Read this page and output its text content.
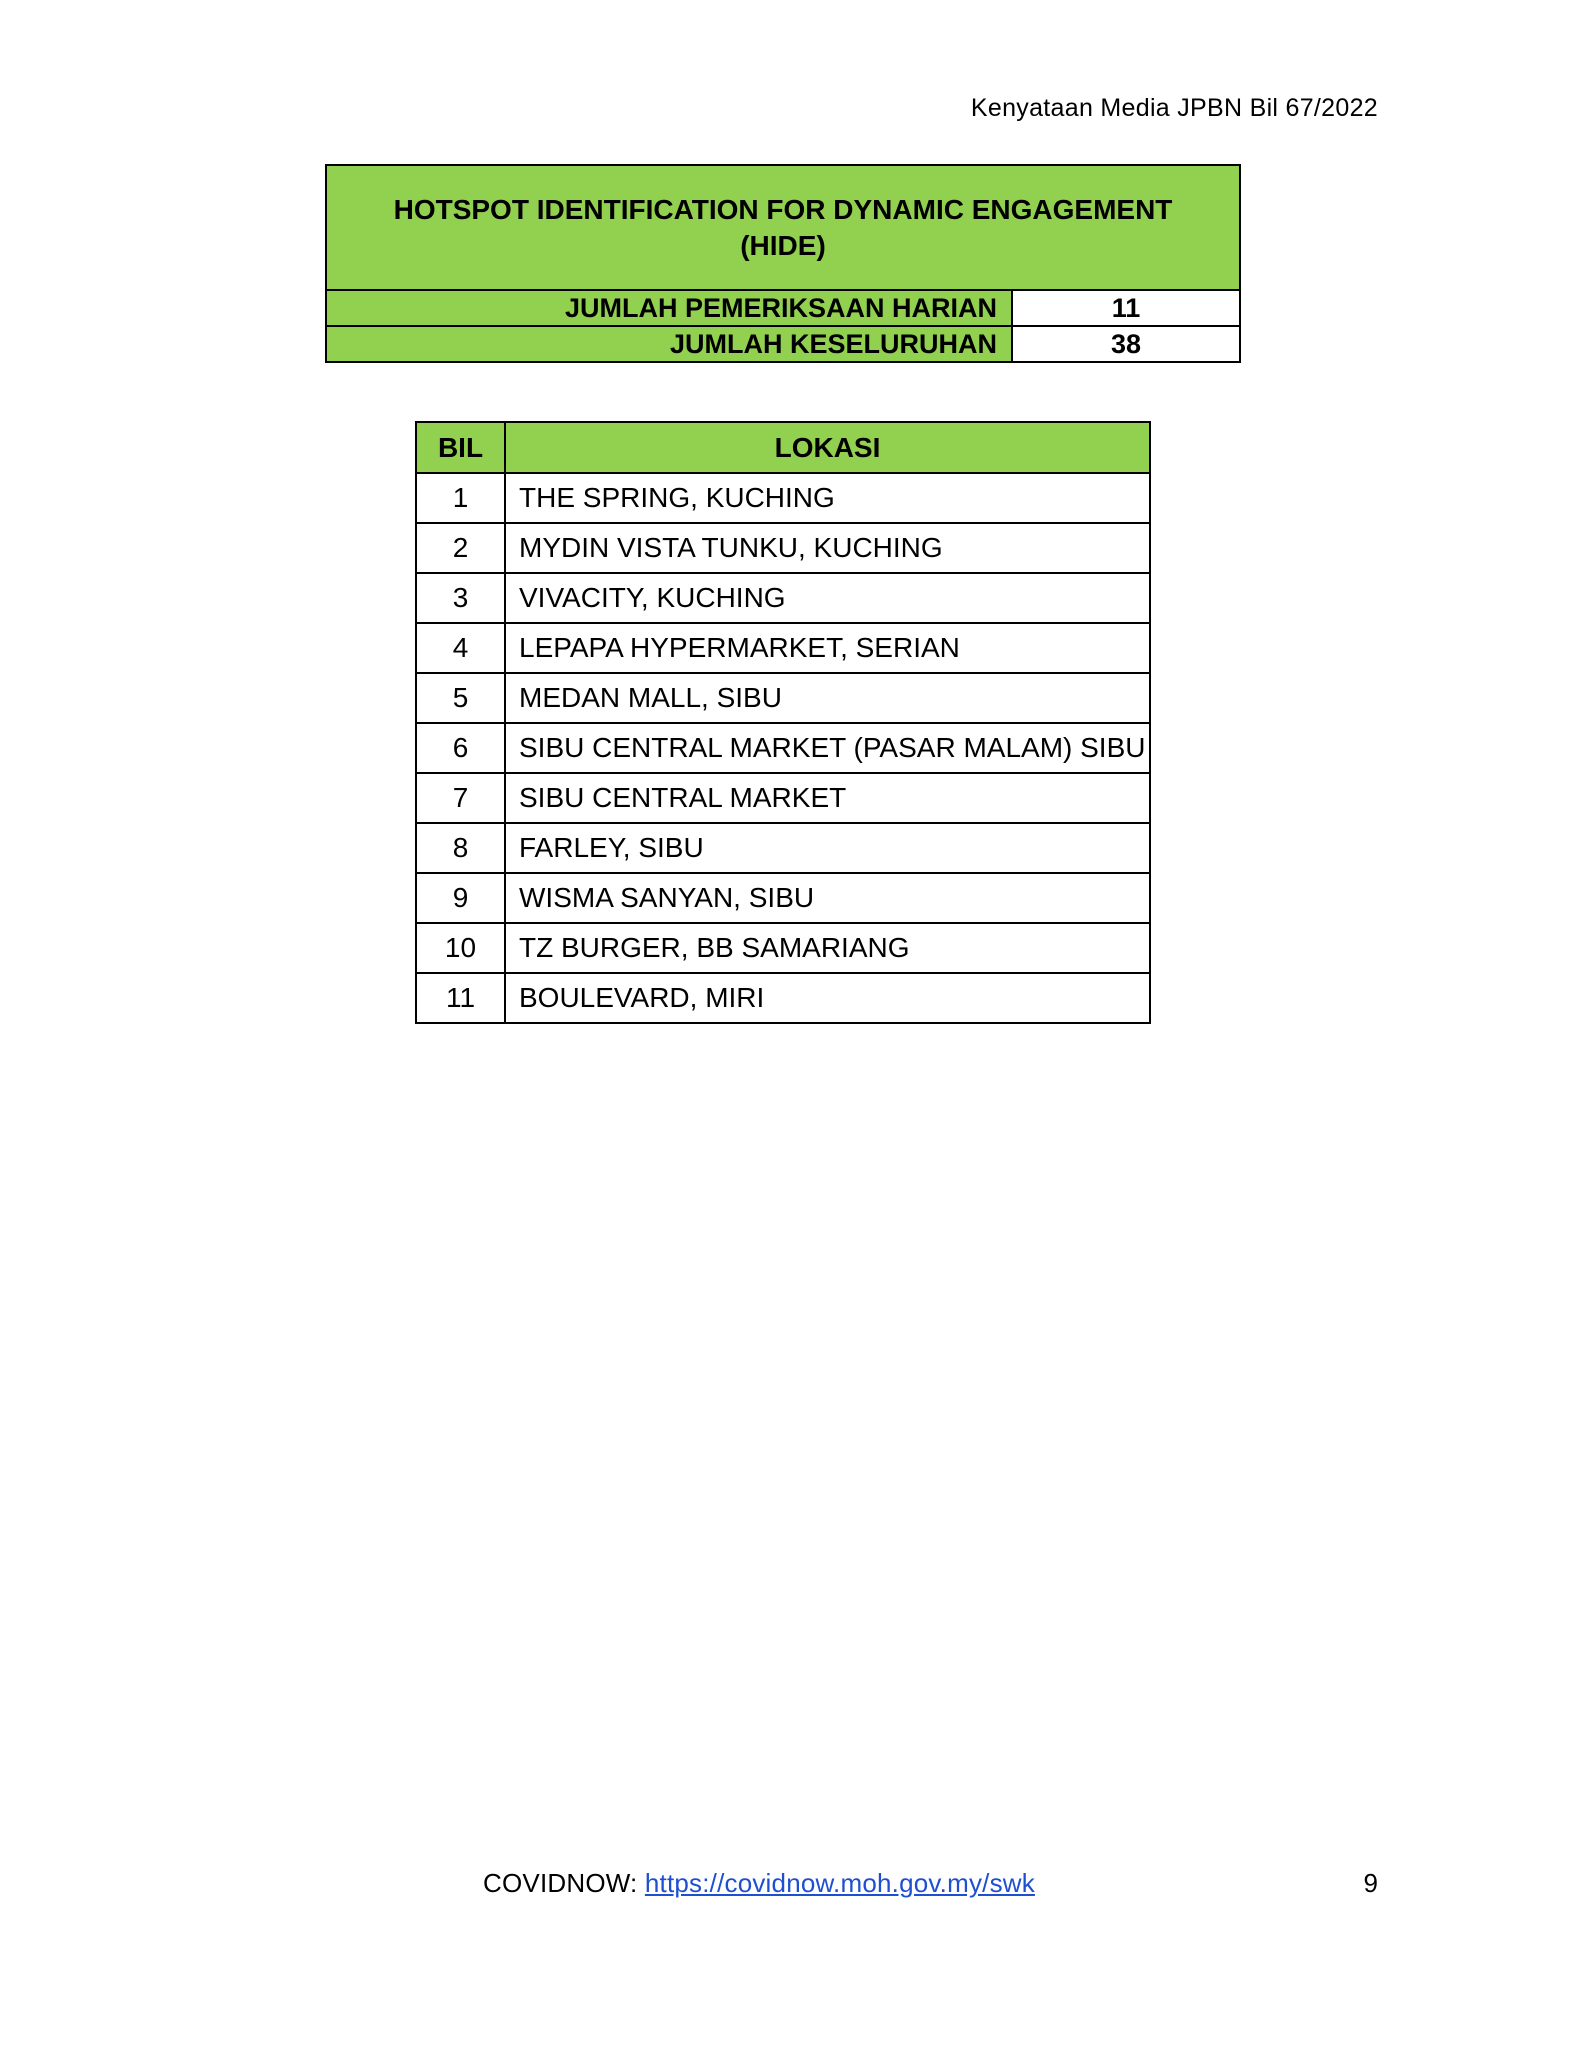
Kenyataan Media JPBN Bil 67/2022
HOTSPOT IDENTIFICATION FOR DYNAMIC ENGAGEMENT
(HIDE)
JUMLAH PEMERIKSAAN HARIAN	11
JUMLAH KESELURUHAN	38
BIL	LOKASI
1	THE SPRING, KUCHING
2	MYDIN VISTA TUNKU, KUCHING
3	VIVACITY, KUCHING
4	LEPAPA HYPERMARKET, SERIAN
5	MEDAN MALL, SIBU
6	SIBU CENTRAL MARKET (PASAR MALAM) SIBU
7	SIBU CENTRAL MARKET
8	FARLEY, SIBU
9	WISMA SANYAN, SIBU
10	TZ BURGER, BB SAMARIANG
11	BOULEVARD, MIRI
COVIDNOW: https://covidnow.moh.gov.my/swk	9
